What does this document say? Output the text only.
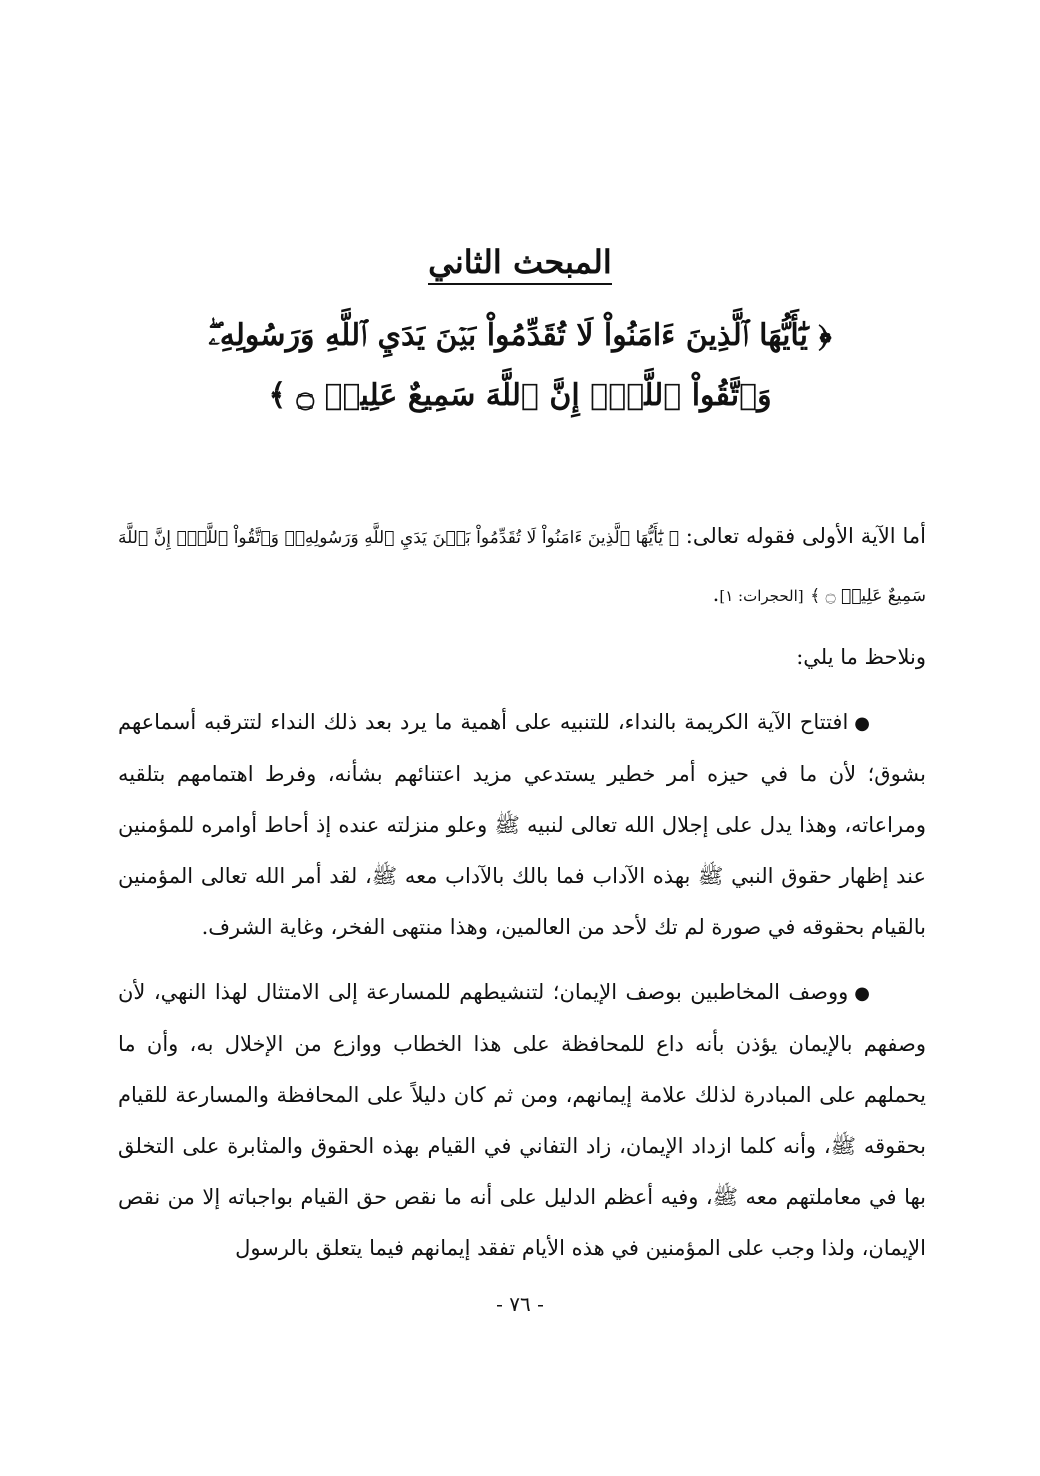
المبحث الثاني
﴿ يَٰٓأَيُّهَا ٱلَّذِينَ ءَامَنُواْ لَا تُقَدِّمُواْ بَيۡنَ يَدَيِ ٱللَّهِ وَرَسُولِهِۦۖ
وَٱتَّقُواْ ٱللَّهَۚ إِنَّ ٱللَّهَ سَمِيعٌ عَلِيمٞ ۝ ﴾

أما الآية الأولى فقوله تعالى: ﴿ يَٰٓأَيُّهَا ٱلَّذِينَ ءَامَنُواْ لَا تُقَدِّمُواْ بَيۡنَ يَدَيِ ٱللَّهِ وَرَسُولِهِۦۖ وَٱتَّقُواْ ٱللَّهَۚ إِنَّ ٱللَّهَ سَمِيعٌ عَلِيمٞ ۝ ﴾ [الحجرات: ١].

ونلاحظ ما يلي:

●افتتاح الآية الكريمة بالنداء، للتنبيه على أهمية ما يرد بعد ذلك النداء لتترقبه أسماعهم بشوق؛ لأن ما في حيزه أمر خطير يستدعي مزيد اعتنائهم بشأنه، وفرط اهتمامهم بتلقيه ومراعاته، وهذا يدل على إجلال الله تعالى لنبيه ﷺ وعلو منزلته عنده إذ أحاط أوامره للمؤمنين عند إظهار حقوق النبي ﷺ بهذه الآداب فما بالك بالآداب معه ﷺ، لقد أمر الله تعالى المؤمنين بالقيام بحقوقه في صورة لم تك لأحد من العالمين، وهذا منتهى الفخر، وغاية الشرف.

●ووصف المخاطبين بوصف الإيمان؛ لتنشيطهم للمسارعة إلى الامتثال لهذا النهي، لأن وصفهم بالإيمان يؤذن بأنه داع للمحافظة على هذا الخطاب ووازع من الإخلال به، وأن ما يحملهم على المبادرة لذلك علامة إيمانهم، ومن ثم كان دليلاً على المحافظة والمسارعة للقيام بحقوقه ﷺ، وأنه كلما ازداد الإيمان، زاد التفاني في القيام بهذه الحقوق والمثابرة على التخلق بها في معاملتهم معه ﷺ، وفيه أعظم الدليل على أنه ما نقص حق القيام بواجباته إلا من نقص الإيمان، ولذا وجب على المؤمنين في هذه الأيام تفقد إيمانهم فيما يتعلق بالرسول

- ٧٦ -
